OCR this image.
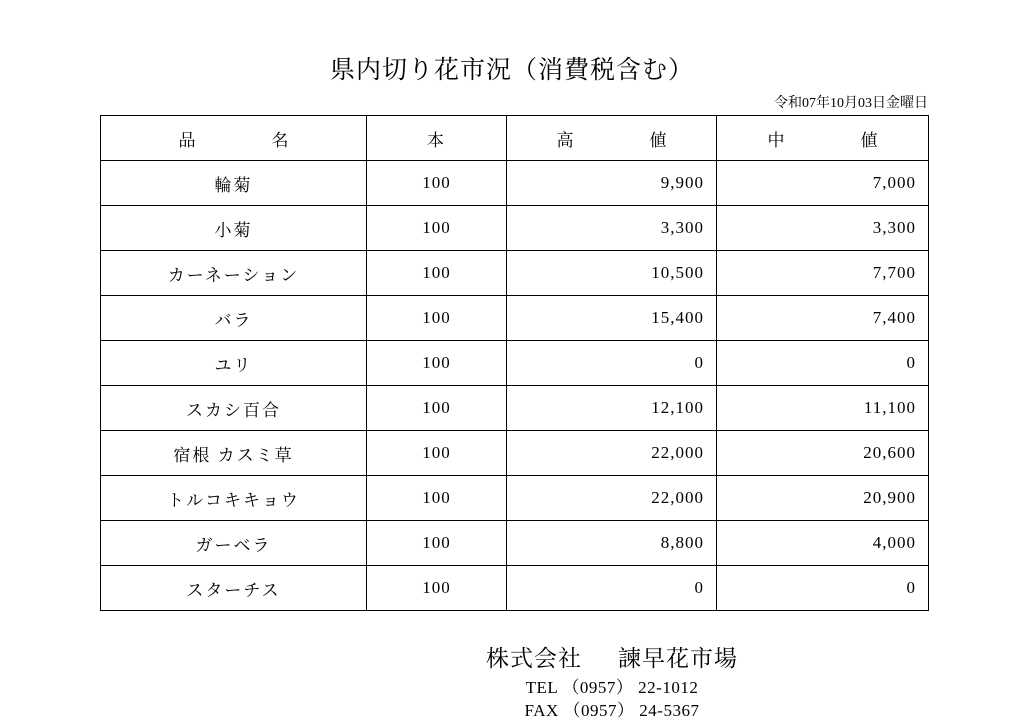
県内切り花市況（消費税含む）
令和07年10月03日金曜日
品　　名	本	高　　値	中　　値
輪菊	100	9,900	7,000
小菊	100	3,300	3,300
カーネーション	100	10,500	7,700
バラ	100	15,400	7,400
ユリ	100	0	0
スカシ百合	100	12,100	11,100
宿根 カスミ草	100	22,000	20,600
トルコキキョウ	100	22,000	20,900
ガーベラ	100	8,800	4,000
スターチス	100	0	0
株式会社 諫早花市場
TEL （0957） 22-1012
FAX （0957） 24-5367
